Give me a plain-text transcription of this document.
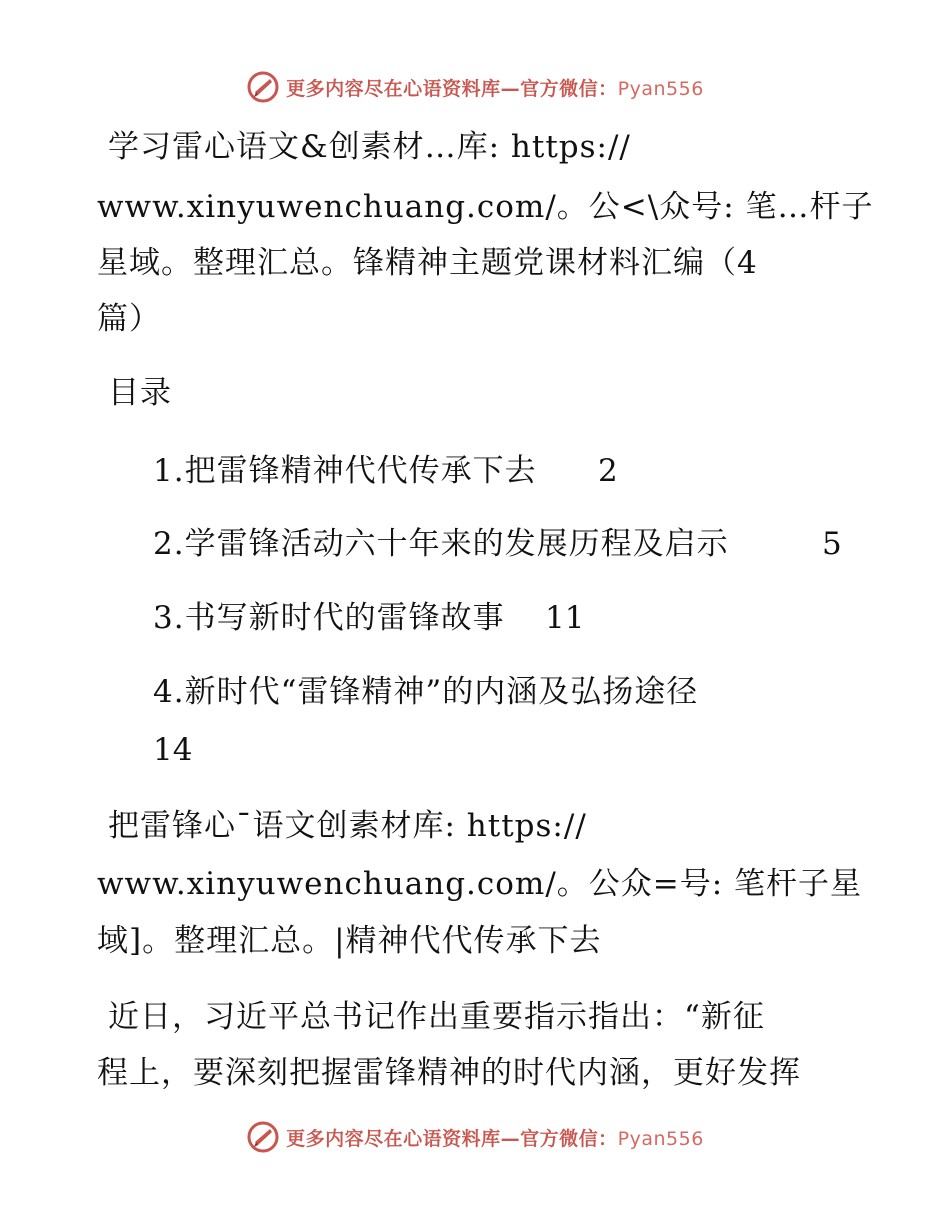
更多内容尽在心语资料库—官方微信：Pyan556
学习雷心语文&创素材…库: https://
www.xinyuwenchuang.com/。公<\众号: 笔…杆子
星域。整理汇总。锋精神主题党课材料汇编（4
篇）
目录
1.把雷锋精神代代传承下去 2
2.学雷锋活动六十年来的发展历程及启示	5
3.书写新时代的雷锋故事 11
4.新时代“雷锋精神”的内涵及弘扬途径
14
把雷锋心¯语文创素材库: https://
www.xinyuwenchuang.com/。公众=号: 笔杆子星
域]。整理汇总。|精神代代传承下去
近日，习近平总书记作出重要指示指出：“新征
程上，要深刻把握雷锋精神的时代内涵，更好发挥
更多内容尽在心语资料库—官方微信：Pyan556
